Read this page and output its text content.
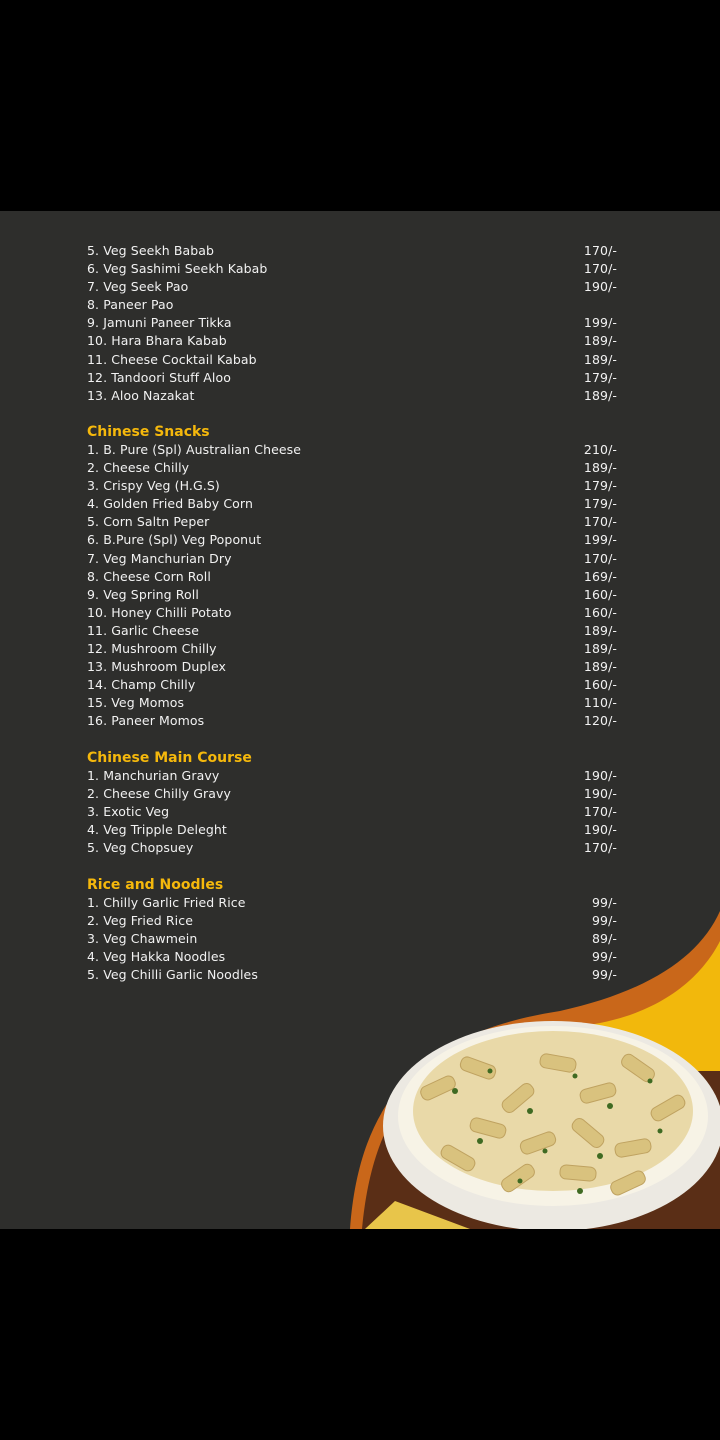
5. Veg Seekh Babab	170/-
6. Veg Sashimi Seekh Kabab	170/-
7. Veg Seek Pao	190/-
8. Paneer Pao
9. Jamuni Paneer Tikka	199/-
10. Hara Bhara Kabab	189/-
11. Cheese Cocktail Kabab	189/-
12. Tandoori Stuff Aloo	179/-
13. Aloo Nazakat	189/-
Chinese Snacks
1. B. Pure (Spl) Australian Cheese	210/-
2. Cheese Chilly	189/-
3. Crispy Veg (H.G.S)	179/-
4. Golden Fried Baby Corn	179/-
5. Corn Saltn Peper	170/-
6. B.Pure (Spl) Veg Poponut	199/-
7. Veg Manchurian Dry	170/-
8. Cheese Corn Roll	169/-
9. Veg Spring Roll	160/-
10. Honey Chilli Potato	160/-
11. Garlic Cheese	189/-
12. Mushroom Chilly	189/-
13. Mushroom Duplex	189/-
14. Champ Chilly	160/-
15. Veg Momos	110/-
16. Paneer Momos	120/-
Chinese Main Course
1. Manchurian Gravy	190/-
2. Cheese Chilly Gravy	190/-
3. Exotic Veg	170/-
4. Veg Tripple Deleght	190/-
5. Veg Chopsuey	170/-
Rice and Noodles
1. Chilly Garlic Fried Rice	99/-
2. Veg Fried Rice	99/-
3. Veg Chawmein	89/-
4. Veg Hakka Noodles	99/-
5. Veg Chilli Garlic Noodles	99/-
